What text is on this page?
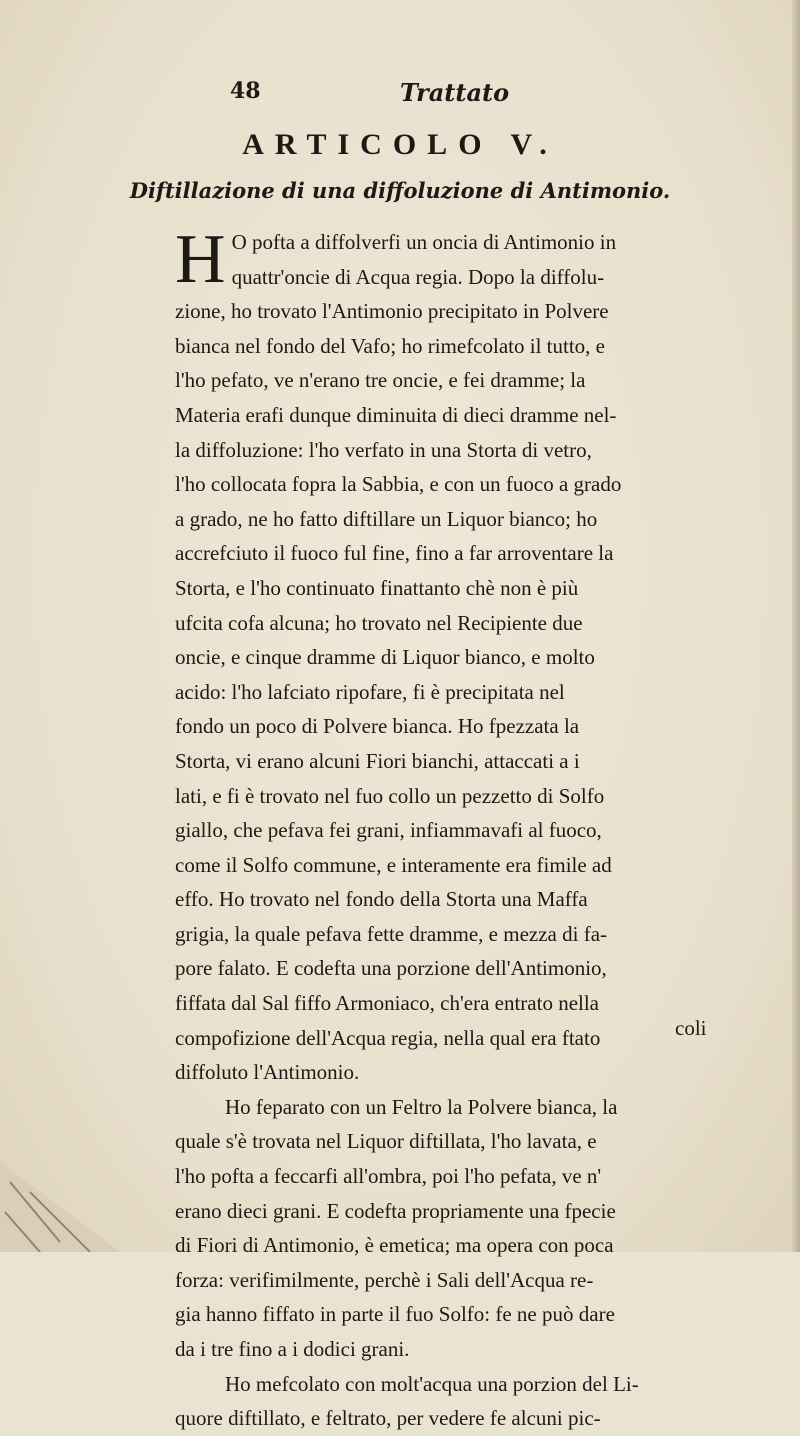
48	Trattato
ARTICOLO V.
Diftillazione di una diffoluzione di Antimonio.
H O pofta a diffolverfi un oncia di Antimonio in
quattr'oncie di Acqua regia. Dopo la diffolu-
zione, ho trovato l'Antimonio precipitato in Polvere
bianca nel fondo del Vafo; ho rimefcolato il tutto, e
l'ho pefato, ve n'erano tre oncie, e fei dramme; la
Materia erafi dunque diminuita di dieci dramme nel-
la diffoluzione: l'ho verfato in una Storta di vetro,
l'ho collocata fopra la Sabbia, e con un fuoco a grado
a grado, ne ho fatto diftillare un Liquor bianco; ho
accrefciuto il fuoco ful fine, fino a far arroventare la
Storta, e l'ho continuato finattanto chè non è più
ufcita cofa alcuna; ho trovato nel Recipiente due
oncie, e cinque dramme di Liquor bianco, e molto
acido: l'ho lafciato ripofare, fi è precipitata nel
fondo un poco di Polvere bianca. Ho fpezzata la
Storta, vi erano alcuni Fiori bianchi, attaccati a i
lati, e fi è trovato nel fuo collo un pezzetto di Solfo
giallo, che pefava fei grani, infiammavafi al fuoco,
come il Solfo commune, e interamente era fimile ad
effo. Ho trovato nel fondo della Storta una Maffa
grigia, la quale pefava fette dramme, e mezza di fa-
pore falato. E codefta una porzione dell'Antimonio,
fiffata dal Sal fiffo Armoniaco, ch'era entrato nella
compofizione dell'Acqua regia, nella qual era ftato
diffoluto l'Antimonio.
Ho feparato con un Feltro la Polvere bianca, la
quale s'è trovata nel Liquor diftillata, l'ho lavata, e
l'ho pofta a feccarfi all'ombra, poi l'ho pefata, ve n'
erano dieci grani. E codefta propriamente una fpecie
di Fiori di Antimonio, è emetica; ma opera con poca
forza: verifimilmente, perchè i Sali dell'Acqua re-
gia hanno fiffato in parte il fuo Solfo: fe ne può dare
da i tre fino a i dodici grani.
Ho mefcolato con molt'acqua una porzion del Li-
quore diftillato, e feltrato, per vedere fe alcuni pic-
coli
